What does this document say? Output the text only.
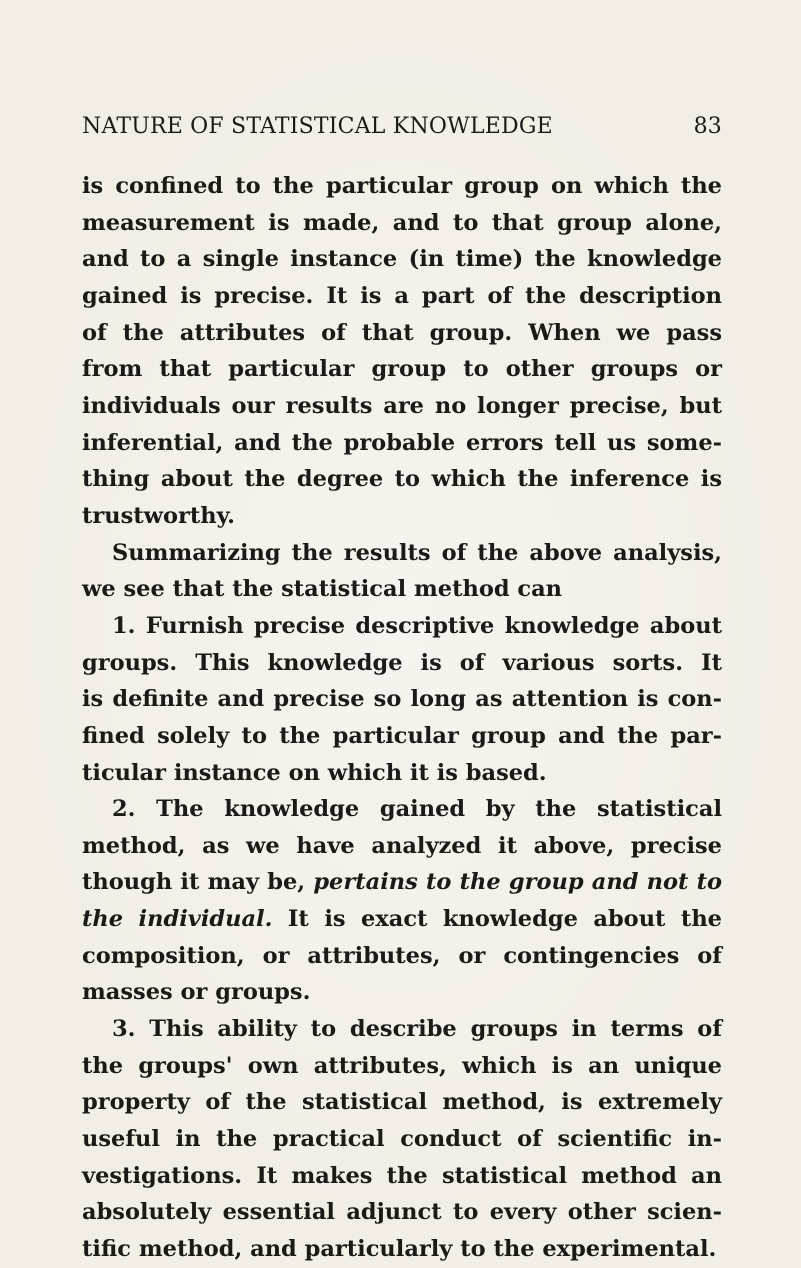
NATURE OF STATISTICAL KNOWLEDGE	83
is confined to the particular group on which the
measurement is made, and to that group alone,
and to a single instance (in time) the knowledge
gained is precise. It is a part of the description
of the attributes of that group. When we pass
from that particular group to other groups or
individuals our results are no longer precise, but
inferential, and the probable errors tell us some-
thing about the degree to which the inference is
trustworthy.
Summarizing the results of the above analysis,
we see that the statistical method can
1. Furnish precise descriptive knowledge about
groups. This knowledge is of various sorts. It
is definite and precise so long as attention is con-
fined solely to the particular group and the par-
ticular instance on which it is based.
2. The knowledge gained by the statistical
method, as we have analyzed it above, precise
though it may be, pertains to the group and not to
the individual. It is exact knowledge about the
composition, or attributes, or contingencies of
masses or groups.
3. This ability to describe groups in terms of
the groups' own attributes, which is an unique
property of the statistical method, is extremely
useful in the practical conduct of scientific in-
vestigations. It makes the statistical method an
absolutely essential adjunct to every other scien-
tific method, and particularly to the experimental.
